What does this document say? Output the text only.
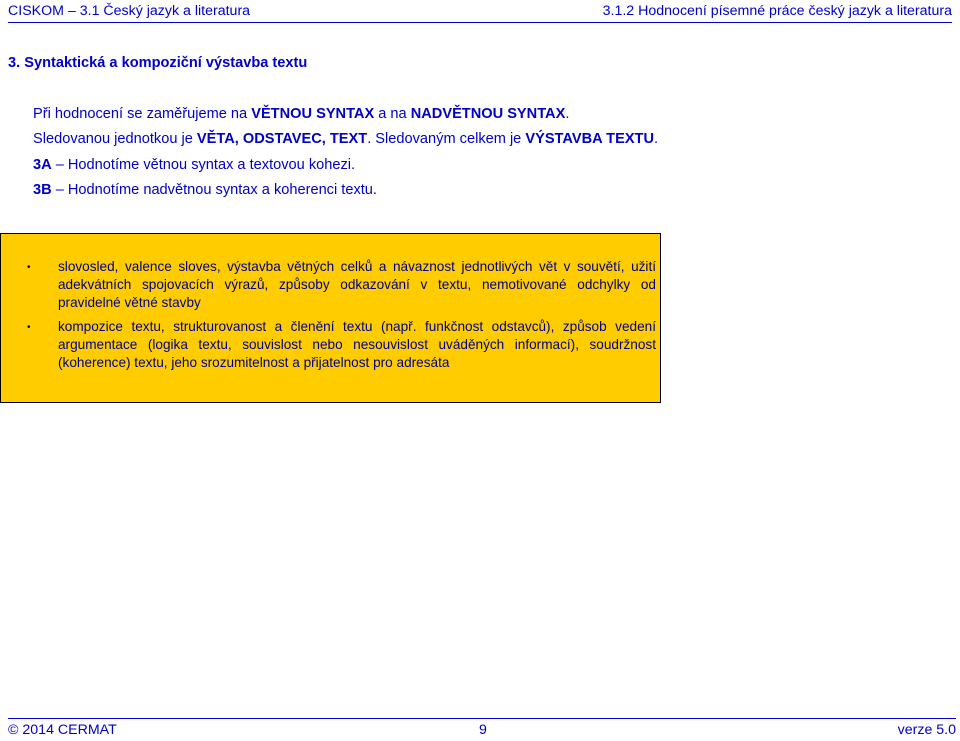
CISKOM – 3.1 Český jazyk a literatura	3.1.2 Hodnocení písemné práce český jazyk a literatura
3. Syntaktická a kompoziční výstavba textu
Při hodnocení se zaměřujeme na VĚTNOU SYNTAX a na NADVĚTNOU SYNTAX.
Sledovanou jednotkou je VĚTA, ODSTAVEC, TEXT. Sledovaným celkem je VÝSTAVBA TEXTU.
3A – Hodnotíme větnou syntax a textovou kohezi.
3B – Hodnotíme nadvětnou syntax a koherenci textu.
• slovosled, valence sloves, výstavba větných celků a návaznost jednotlivých vět v souvětí, užití adekvátních spojovacích výrazů, způsoby odkazování v textu, nemotivované odchylky od pravidelné větné stavby
• kompozice textu, strukturovanost a členění textu (např. funkčnost odstavců), způsob vedení argumentace (logika textu, souvislost nebo nesouvislost uváděných informací), soudržnost (koherence) textu, jeho srozumitelnost a přijatelnost pro adresáta
© 2014 CERMAT	9	verze 5.0
